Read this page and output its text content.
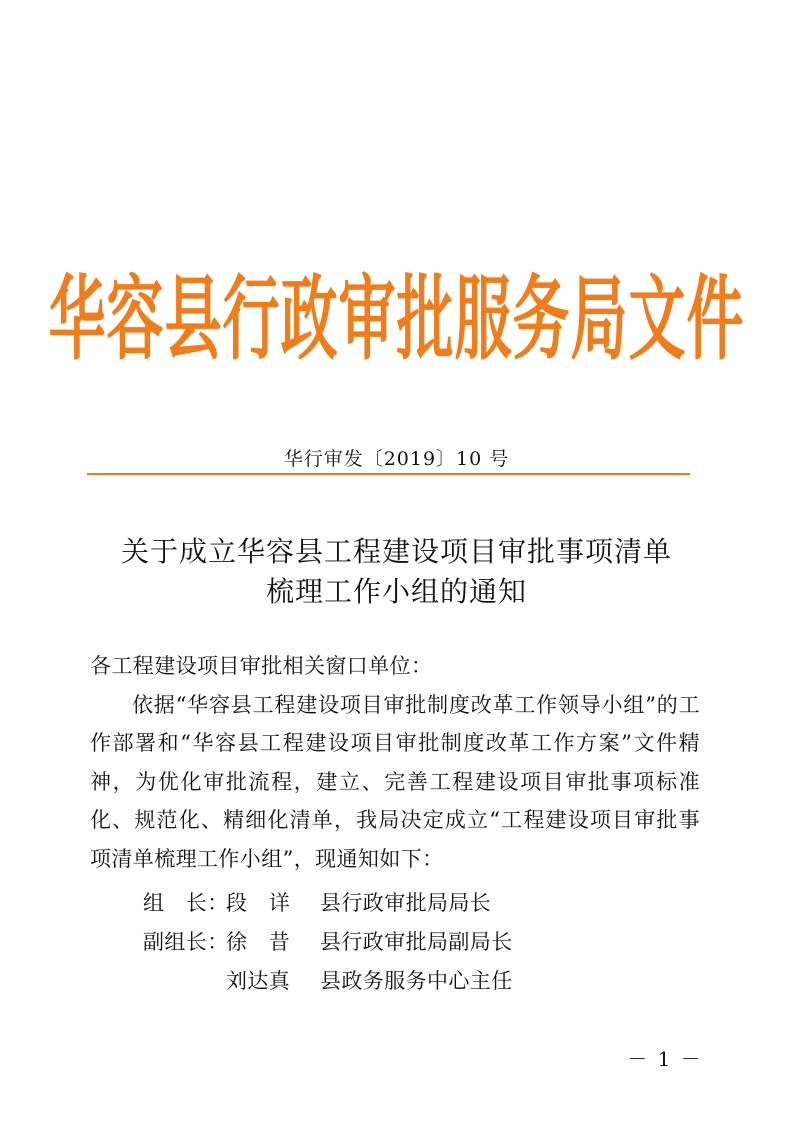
华容县行政审批服务局文件
华行审发〔2019〕10 号
关于成立华容县工程建设项目审批事项清单
梳理工作小组的通知

各工程建设项目审批相关窗口单位：

依据“华容县工程建设项目审批制度改革工作领导小组”的工作部署和“华容县工程建设项目审批制度改革工作方案”文件精神，为优化审批流程，建立、完善工程建设项目审批事项标准化、规范化、精细化清单，我局决定成立“工程建设项目审批事项清单梳理工作小组”，现通知如下：

组　长：
段　详 县行政审批局局长
副组长：
徐　昔 县行政审批局副局长
刘达真 县政务服务中心主任
－ 1 －
